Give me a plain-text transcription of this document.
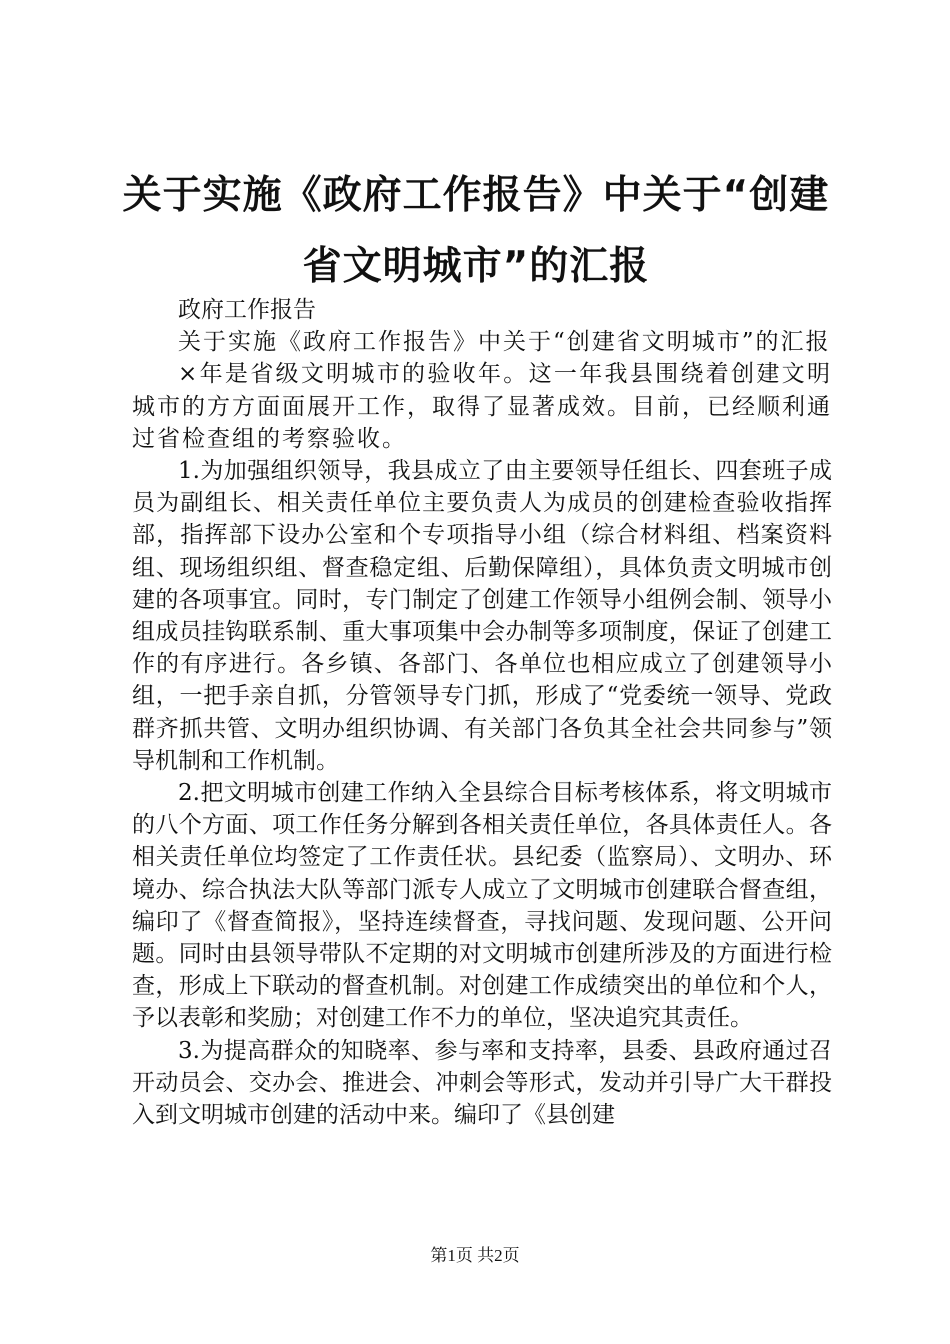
关于实施《政府工作报告》中关于“创建省文明城市”的汇报

政府工作报告

关于实施《政府工作报告》中关于“创建省文明城市”的汇报

×年是省级文明城市的验收年。这一年我县围绕着创建文明城市的方方面面展开工作，取得了显著成效。目前，已经顺利通过省检查组的考察验收。

1.为加强组织领导，我县成立了由主要领导任组长、四套班子成员为副组长、相关责任单位主要负责人为成员的创建检查验收指挥部，指挥部下设办公室和个专项指导小组（综合材料组、档案资料组、现场组织组、督查稳定组、后勤保障组），具体负责文明城市创建的各项事宜。同时，专门制定了创建工作领导小组例会制、领导小组成员挂钩联系制、重大事项集中会办制等多项制度，保证了创建工作的有序进行。各乡镇、各部门、各单位也相应成立了创建领导小组，一把手亲自抓，分管领导专门抓，形成了“党委统一领导、党政群齐抓共管、文明办组织协调、有关部门各负其全社会共同参与”领导机制和工作机制。

2.把文明城市创建工作纳入全县综合目标考核体系，将文明城市的八个方面、项工作任务分解到各相关责任单位，各具体责任人。各相关责任单位均签定了工作责任状。县纪委（监察局）、文明办、环境办、综合执法大队等部门派专人成立了文明城市创建联合督查组，编印了《督查简报》，坚持连续督查，寻找问题、发现问题、公开问题。同时由县领导带队不定期的对文明城市创建所涉及的方面进行检查，形成上下联动的督查机制。对创建工作成绩突出的单位和个人，予以表彰和奖励；对创建工作不力的单位，坚决追究其责任。

3.为提高群众的知晓率、参与率和支持率，县委、县政府通过召开动员会、交办会、推进会、冲刺会等形式，发动并引导广大干群投入到文明城市创建的活动中来。编印了《县创建

第1页 共2页
